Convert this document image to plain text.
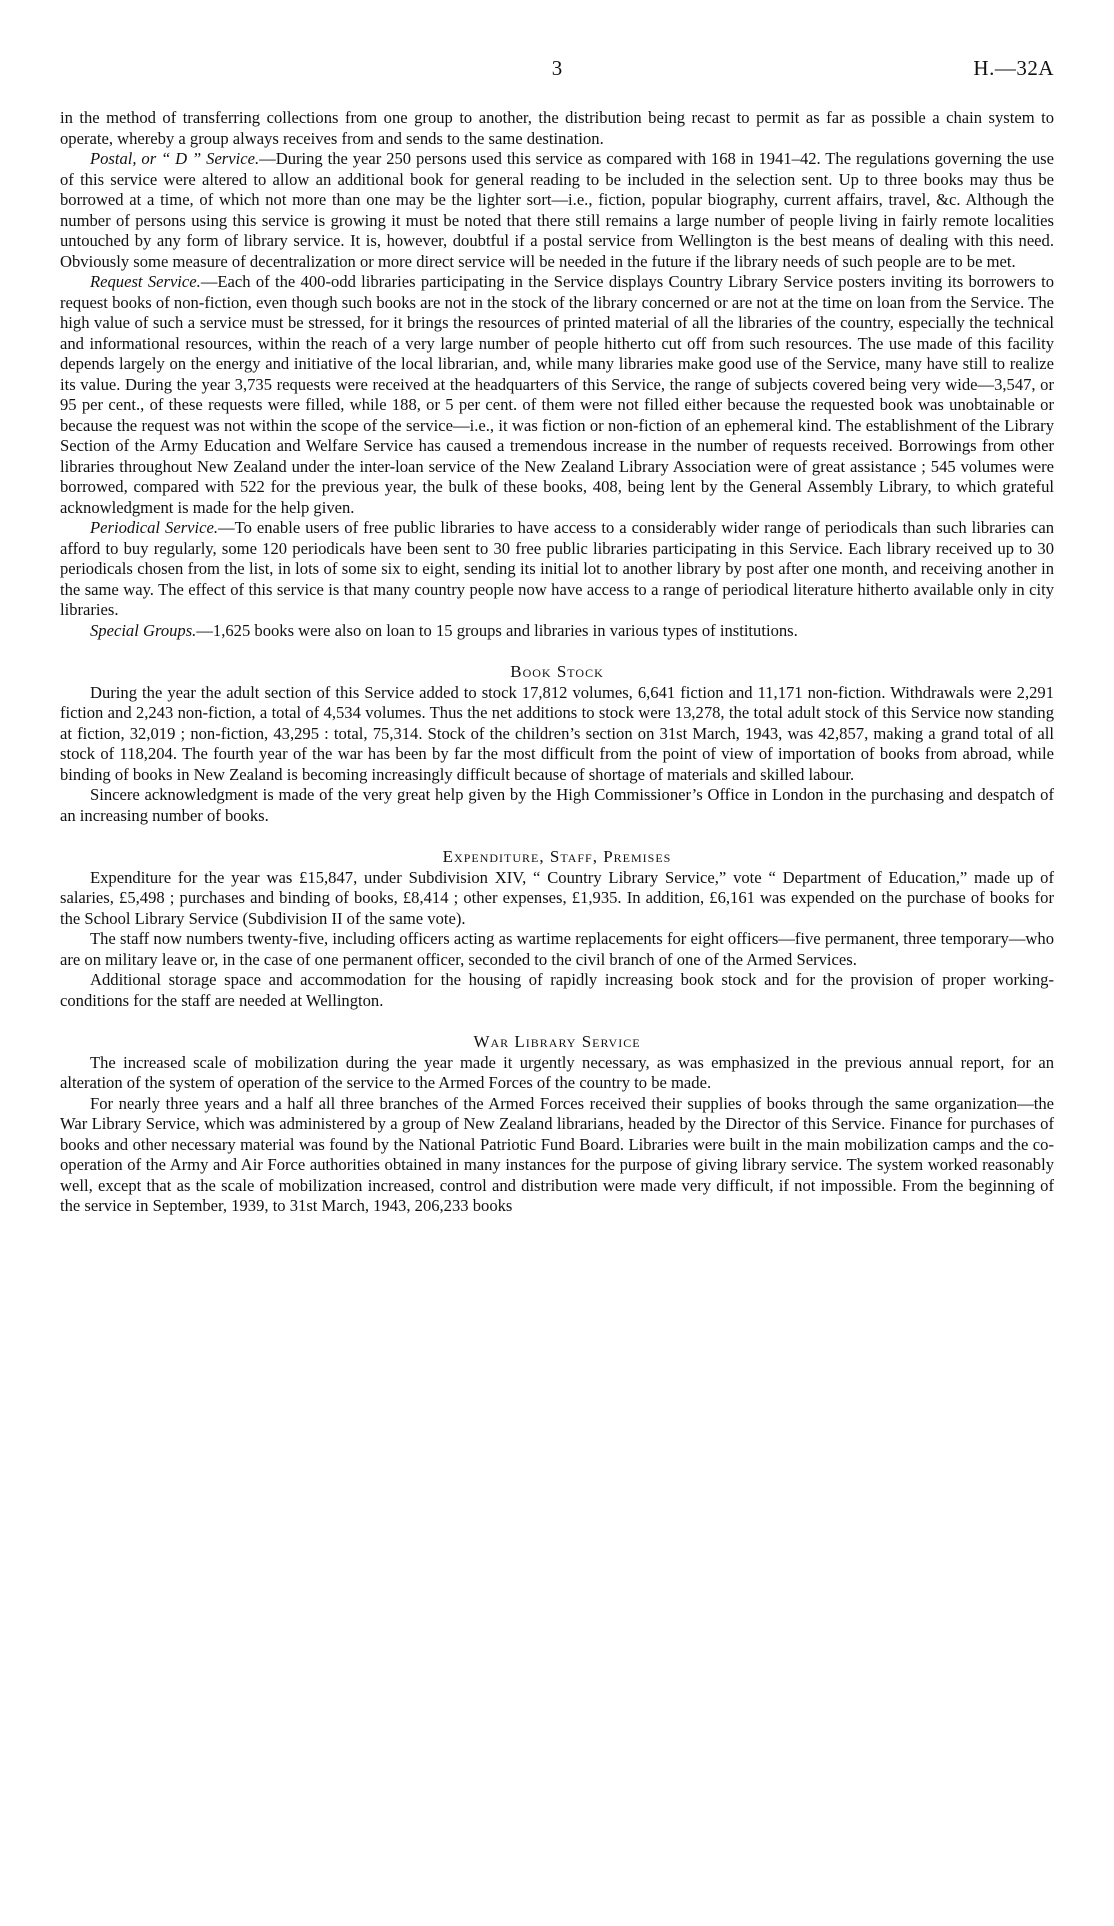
3	H.—32A

in the method of transferring collections from one group to another, the distribution being recast to permit as far as possible a chain system to operate, whereby a group always receives from and sends to the same destination.

Postal, or “ D ” Service.—During the year 250 persons used this service as compared with 168 in 1941–42. The regulations governing the use of this service were altered to allow an additional book for general reading to be included in the selection sent. Up to three books may thus be borrowed at a time, of which not more than one may be the lighter sort—i.e., fiction, popular biography, current affairs, travel, &c. Although the number of persons using this service is growing it must be noted that there still remains a large number of people living in fairly remote localities untouched by any form of library service. It is, however, doubtful if a postal service from Wellington is the best means of dealing with this need. Obviously some measure of decentralization or more direct service will be needed in the future if the library needs of such people are to be met.

Request Service.—Each of the 400-odd libraries participating in the Service displays Country Library Service posters inviting its borrowers to request books of non-fiction, even though such books are not in the stock of the library concerned or are not at the time on loan from the Service. The high value of such a service must be stressed, for it brings the resources of printed material of all the libraries of the country, especially the technical and informational resources, within the reach of a very large number of people hitherto cut off from such resources. The use made of this facility depends largely on the energy and initiative of the local librarian, and, while many libraries make good use of the Service, many have still to realize its value. During the year 3,735 requests were received at the headquarters of this Service, the range of subjects covered being very wide—3,547, or 95 per cent., of these requests were filled, while 188, or 5 per cent. of them were not filled either because the requested book was unobtainable or because the request was not within the scope of the service—i.e., it was fiction or non-fiction of an ephemeral kind. The establishment of the Library Section of the Army Education and Welfare Service has caused a tremendous increase in the number of requests received. Borrowings from other libraries throughout New Zealand under the inter-loan service of the New Zealand Library Association were of great assistance ; 545 volumes were borrowed, compared with 522 for the previous year, the bulk of these books, 408, being lent by the General Assembly Library, to which grateful acknowledgment is made for the help given.

Periodical Service.—To enable users of free public libraries to have access to a considerably wider range of periodicals than such libraries can afford to buy regularly, some 120 periodicals have been sent to 30 free public libraries participating in this Service. Each library received up to 30 periodicals chosen from the list, in lots of some six to eight, sending its initial lot to another library by post after one month, and receiving another in the same way. The effect of this service is that many country people now have access to a range of periodical literature hitherto available only in city libraries.

Special Groups.—1,625 books were also on loan to 15 groups and libraries in various types of institutions.

Book Stock

During the year the adult section of this Service added to stock 17,812 volumes, 6,641 fiction and 11,171 non-fiction. Withdrawals were 2,291 fiction and 2,243 non-fiction, a total of 4,534 volumes. Thus the net additions to stock were 13,278, the total adult stock of this Service now standing at fiction, 32,019 ; non-fiction, 43,295 : total, 75,314. Stock of the children’s section on 31st March, 1943, was 42,857, making a grand total of all stock of 118,204. The fourth year of the war has been by far the most difficult from the point of view of importation of books from abroad, while binding of books in New Zealand is becoming increasingly difficult because of shortage of materials and skilled labour.

Sincere acknowledgment is made of the very great help given by the High Commissioner’s Office in London in the purchasing and despatch of an increasing number of books.

Expenditure, Staff, Premises

Expenditure for the year was £15,847, under Subdivision XIV, “ Country Library Service,” vote “ Department of Education,” made up of salaries, £5,498 ; purchases and binding of books, £8,414 ; other expenses, £1,935. In addition, £6,161 was expended on the purchase of books for the School Library Service (Subdivision II of the same vote).

The staff now numbers twenty-five, including officers acting as wartime replacements for eight officers—five permanent, three temporary—who are on military leave or, in the case of one permanent officer, seconded to the civil branch of one of the Armed Services.

Additional storage space and accommodation for the housing of rapidly increasing book stock and for the provision of proper working-conditions for the staff are needed at Wellington.

War Library Service

The increased scale of mobilization during the year made it urgently necessary, as was emphasized in the previous annual report, for an alteration of the system of operation of the service to the Armed Forces of the country to be made.

For nearly three years and a half all three branches of the Armed Forces received their supplies of books through the same organization—the War Library Service, which was administered by a group of New Zealand librarians, headed by the Director of this Service. Finance for purchases of books and other necessary material was found by the National Patriotic Fund Board. Libraries were built in the main mobilization camps and the co-operation of the Army and Air Force authorities obtained in many instances for the purpose of giving library service. The system worked reasonably well, except that as the scale of mobilization increased, control and distribution were made very difficult, if not impossible. From the beginning of the service in September, 1939, to 31st March, 1943, 206,233 books
